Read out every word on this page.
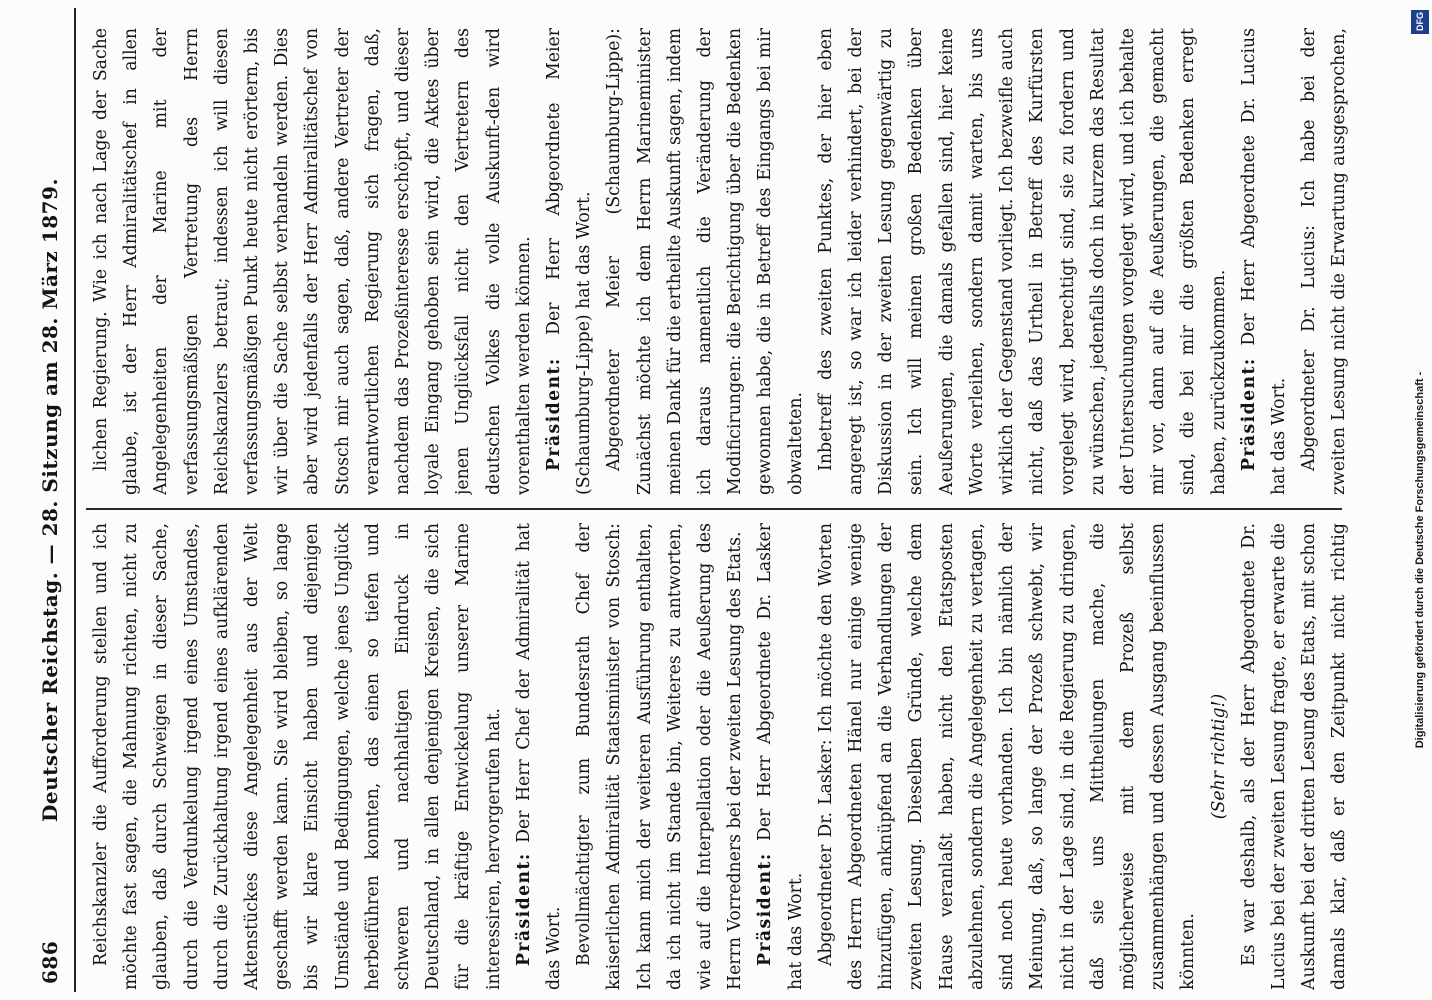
686
Deutscher Reichstag. — 28. Sitzung am 28. März 1879. Reichskanzler die Aufforderung stellen und ich möchte fast sagen, die Mahnung richten, nicht zu glauben, daß durch Schweigen in dieser Sache, durch die Verdunkelung irgend eines Umstandes, durch die Zurückhaltung irgend eines aufklärenden Aktenstückes diese Angelegenheit aus der Welt geschafft werden kann. Sie wird bleiben, so lange bis wir klare Einsicht haben und diejenigen Umstände und Bedingungen, welche jenes Unglück herbeiführen konnten, das einen so tiefen und schweren und nachhaltigen Eindruck in Deutschland, in allen denjenigen Kreisen, die sich für die kräftige Entwickelung unserer Marine interessiren, hervorgerufen hat. Präsident: Der Herr Chef der Admiralität hat das Wort. Bevollmächtigter zum Bundesrath Chef der kaiserlichen Admiralität Staatsminister von Stosch: Ich kann mich der weiteren Ausführung enthalten, da ich nicht im Stande bin, Weiteres zu antworten, wie auf die Interpellation oder die Aeußerung des Herrn Vorredners bei der zweiten Lesung des Etats. Präsident: Der Herr Abgeordnete Dr. Lasker hat das Wort. Abgeordneter Dr. Lasker: Ich möchte den Worten des Herrn Abgeordneten Hänel nur einige wenige hinzufügen, anknüpfend an die Verhandlungen der zweiten Lesung. Dieselben Gründe, welche dem Hause veranlaßt haben, nicht den Etatsposten abzulehnen, sondern die Angelegenheit zu vertagen, sind noch heute vorhanden. Ich bin nämlich der Meinung, daß, so lange der Prozeß schwebt, wir nicht in der Lage sind, in die Regierung zu dringen, daß sie uns Mittheilungen mache, die möglicherweise mit dem Prozeß selbst zusammenhängen und dessen Ausgang beeinflussen könnten.

(Sehr richtig!)

Es war deshalb, als der Herr Abgeordnete Dr. Lucius bei der zweiten Lesung fragte, er erwarte die Auskunft bei der dritten Lesung des Etats, mit schon damals klar, daß er den Zeitpunkt nicht richtig

lichen Regierung. Wie ich nach Lage der Sache glaube, ist der Herr Admiralitätschef in allen Angelegenheiten der Marine mit der verfassungsmäßigen Vertretung des Herrn Reichskanzlers betraut; indessen ich will diesen verfassungsmäßigen Punkt heute nicht erörtern, bis wir über die Sache selbst verhandeln werden. Dies aber wird jedenfalls der Herr Admiralitätschef von Stosch mir auch sagen, daß, andere Vertreter der verantwortlichen Regierung sich fragen, daß, nachdem das Prozeßinteresse erschöpft, und dieser loyale Eingang gehoben sein wird, die Aktes über jenen Unglücksfall nicht den Vertretern des deutschen Volkes die volle Auskunft-den wird vorenthalten werden können. Präsident: Der Herr Abgeordnete Meier (Schaumburg-Lippe) hat das Wort. Abgeordneter Meier (Schaumburg-Lippe): Zunächst möchte ich dem Herrn Marineminister meinen Dank für die ertheilte Auskunft sagen, indem ich daraus namentlich die Veränderung der Modificirungen: die Berichtigung über die Bedenken gewonnen habe, die in Betreff des Eingangs bei mir obwalteten. Inbetreff des zweiten Punktes, der hier eben angeregt ist, so war ich leider verhindert, bei der Diskussion in der zweiten Lesung gegenwärtig zu sein. Ich will meinen großen Bedenken über Aeußerungen, die damals gefallen sind, hier keine Worte verleihen, sondern damit warten, bis uns wirklich der Gegenstand vorliegt. Ich bezweifle auch nicht, daß das Urtheil in Betreff des Kurfürsten vorgelegt wird, berechtigt sind, sie zu fordern und zu wünschen, jedenfalls doch in kurzem das Resultat der Untersuchungen vorgelegt wird, und ich behalte mir vor, dann auf die Aeußerungen, die gemacht sind, die bei mir die größten Bedenken erregt haben, zurückzukommen. Präsident: Der Herr Abgeordnete Dr. Lucius hat das Wort. Abgeordneter Dr. Lucius: Ich habe bei der zweiten Lesung nicht die Erwartung ausgesprochen,

Digitalisierung gefördert durch die Deutsche Forschungsgemeinschaft -
DFG
